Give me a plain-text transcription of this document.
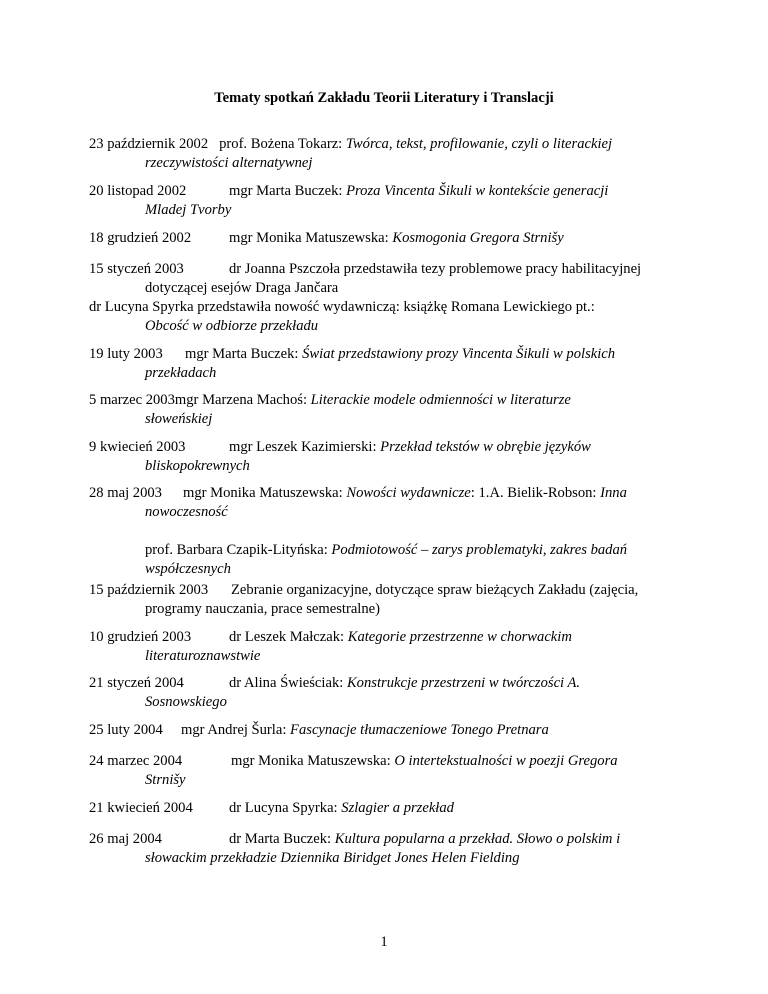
Tematy spotkań Zakładu Teorii Literatury i Translacji

23 październik 2002 prof. Bożena Tokarz: Twórca, tekst, profilowanie, czyli o literackiej

rzeczywistości alternatywnej

20 listopad 2002	mgr Marta Buczek: Proza Vincenta Šikuli w kontekście generacji

Mladej Tvorby

18 grudzień 2002	mgr Monika Matuszewska: Kosmogonia Gregora Strnišy

15 styczeń 2003	dr Joanna Pszczoła przedstawiła tezy problemowe pracy habilitacyjnej

dotyczącej esejów Draga Jančara

dr Lucyna Spyrka przedstawiła nowość wydawniczą: książkę Romana Lewickiego pt.:

Obcość w odbiorze przekładu

19 luty 2003 mgr Marta Buczek: Świat przedstawiony prozy Vincenta Šikuli w polskich

przekładach

5 marzec 2003mgr Marzena Machoś: Literackie modele odmienności w literaturze

słoweńskiej

9 kwiecień 2003	mgr Leszek Kazimierski: Przekład tekstów w obrębie języków

bliskopokrewnych

28 maj 2003 mgr Monika Matuszewska: Nowości wydawnicze: 1.A. Bielik-Robson: Inna

nowoczesność

prof. Barbara Czapik-Lityńska: Podmiotowość – zarys problematyki, zakres badań

współczesnych

15 październik 2003 Zebranie organizacyjne, dotyczące spraw bieżących Zakładu (zajęcia,

programy nauczania, prace semestralne)

10 grudzień 2003	dr Leszek Małczak: Kategorie przestrzenne w chorwackim

literaturoznawstwie

21 styczeń 2004	dr Alina Świeściak: Konstrukcje przestrzeni w twórczości A.

Sosnowskiego

25 luty 2004 mgr Andrej Šurla: Fascynacje tłumaczeniowe Tonego Pretnara

24 marzec 2004	mgr Monika Matuszewska: O intertekstualności w poezji Gregora

Strnišy

21 kwiecień 2004 dr Lucyna Spyrka: Szlagier a przekład

26 maj 2004	dr Marta Buczek: Kultura popularna a przekład. Słowo o polskim i

słowackim przekładzie Dziennika Biridget Jones Helen Fielding

1
